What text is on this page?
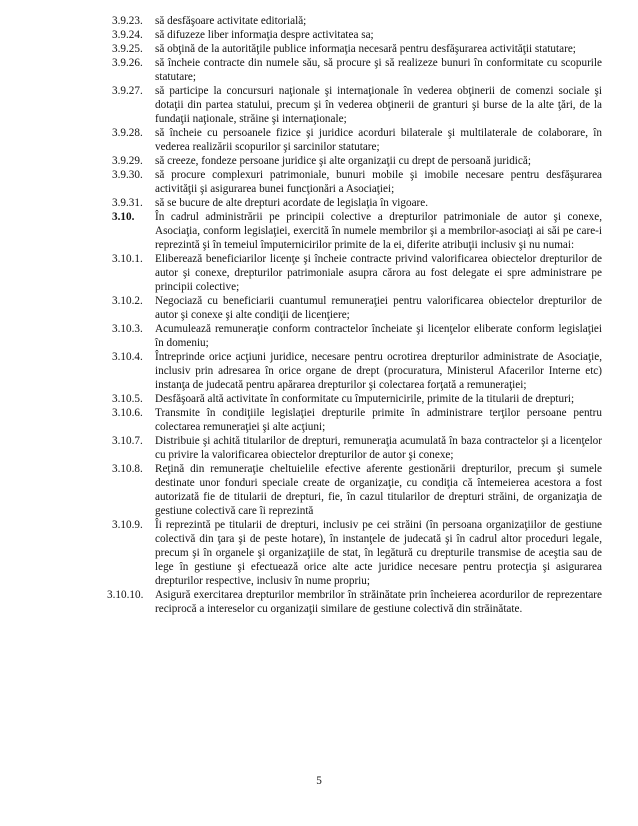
3.9.23.	să desfăşoare activitate editorială;
3.9.24.	să difuzeze liber informaţia despre activitatea sa;
3.9.25.	să obţină de la autorităţile publice informaţia necesară pentru desfăşurarea activităţii statutare;
3.9.26.	să încheie contracte din numele său, să procure şi să realizeze bunuri în conformitate cu scopurile statutare;
3.9.27.	să participe la concursuri naţionale şi internaţionale în vederea obţinerii de comenzi sociale şi dotaţii din partea statului, precum şi în vederea obţinerii de granturi şi burse de la alte ţări, de la fundaţii naţionale, străine şi internaţionale;
3.9.28.	să încheie cu persoanele fizice şi juridice acorduri bilaterale şi multilaterale de colaborare, în vederea realizării scopurilor şi sarcinilor statutare;
3.9.29.	să creeze, fondeze persoane juridice şi alte organizaţii cu drept de persoană juridică;
3.9.30.	să procure complexuri patrimoniale, bunuri mobile şi imobile necesare pentru desfăşurarea activităţii şi asigurarea bunei funcţionări a Asociaţiei;
3.9.31.	să se bucure de alte drepturi acordate de legislaţia în vigoare.
3.10.	În cadrul administrării pe principii colective a drepturilor patrimoniale de autor şi conexe, Asociaţia, conform legislaţiei, exercită în numele membrilor şi a membrilor-asociaţi ai săi pe care-i reprezintă şi în temeiul împuternicirilor primite de la ei, diferite atribuţii inclusiv şi nu numai:
3.10.1.	Eliberează beneficiarilor licenţe şi încheie contracte privind valorificarea obiectelor drepturilor de autor şi conexe, drepturilor patrimoniale asupra cărora au fost delegate ei spre administrare pe principii colective;
3.10.2.	Negociază cu beneficiarii cuantumul remuneraţiei pentru valorificarea obiectelor drepturilor de autor şi conexe şi alte condiţii de licenţiere;
3.10.3.	Acumulează remuneraţie conform contractelor încheiate şi licenţelor eliberate conform legislaţiei în domeniu;
3.10.4.	Întreprinde orice acţiuni juridice, necesare pentru ocrotirea drepturilor administrate de Asociaţie, inclusiv prin adresarea în orice organe de drept (procuratura, Ministerul Afacerilor Interne etc) instanţa de judecată pentru apărarea drepturilor şi colectarea forţată a remuneraţiei;
3.10.5.	Desfăşoară altă activitate în conformitate cu împuternicirile, primite de la titularii de drepturi;
3.10.6.	Transmite în condiţiile legislaţiei drepturile primite în administrare terţilor persoane pentru colectarea remuneraţiei şi alte acţiuni;
3.10.7.	Distribuie şi achită titularilor de drepturi, remuneraţia acumulată în baza contractelor şi a licenţelor cu privire la valorificarea obiectelor drepturilor de autor şi conexe;
3.10.8.	Reţină din remuneraţie cheltuielile efective aferente gestionării drepturilor, precum şi sumele destinate unor fonduri speciale create de organizaţie, cu condiţia că întemeierea acestora a fost autorizată fie de titularii de drepturi, fie, în cazul titularilor de drepturi străini, de organizaţia de gestiune colectivă care îi reprezintă
3.10.9.	Îi reprezintă pe titularii de drepturi, inclusiv pe cei străini (în persoana organizaţiilor de gestiune colectivă din ţara şi de peste hotare), în instanţele de judecată şi în cadrul altor proceduri legale, precum şi în organele şi organizaţiile de stat, în legătură cu drepturile transmise de aceştia sau de lege în gestiune şi efectuează orice alte acte juridice necesare pentru protecţia şi asigurarea drepturilor respective, inclusiv în nume propriu;
3.10.10.	Asigură exercitarea drepturilor membrilor în străinătate prin încheierea acordurilor de reprezentare reciprocă a intereselor cu organizaţii similare de gestiune colectivă din străinătate.
5
